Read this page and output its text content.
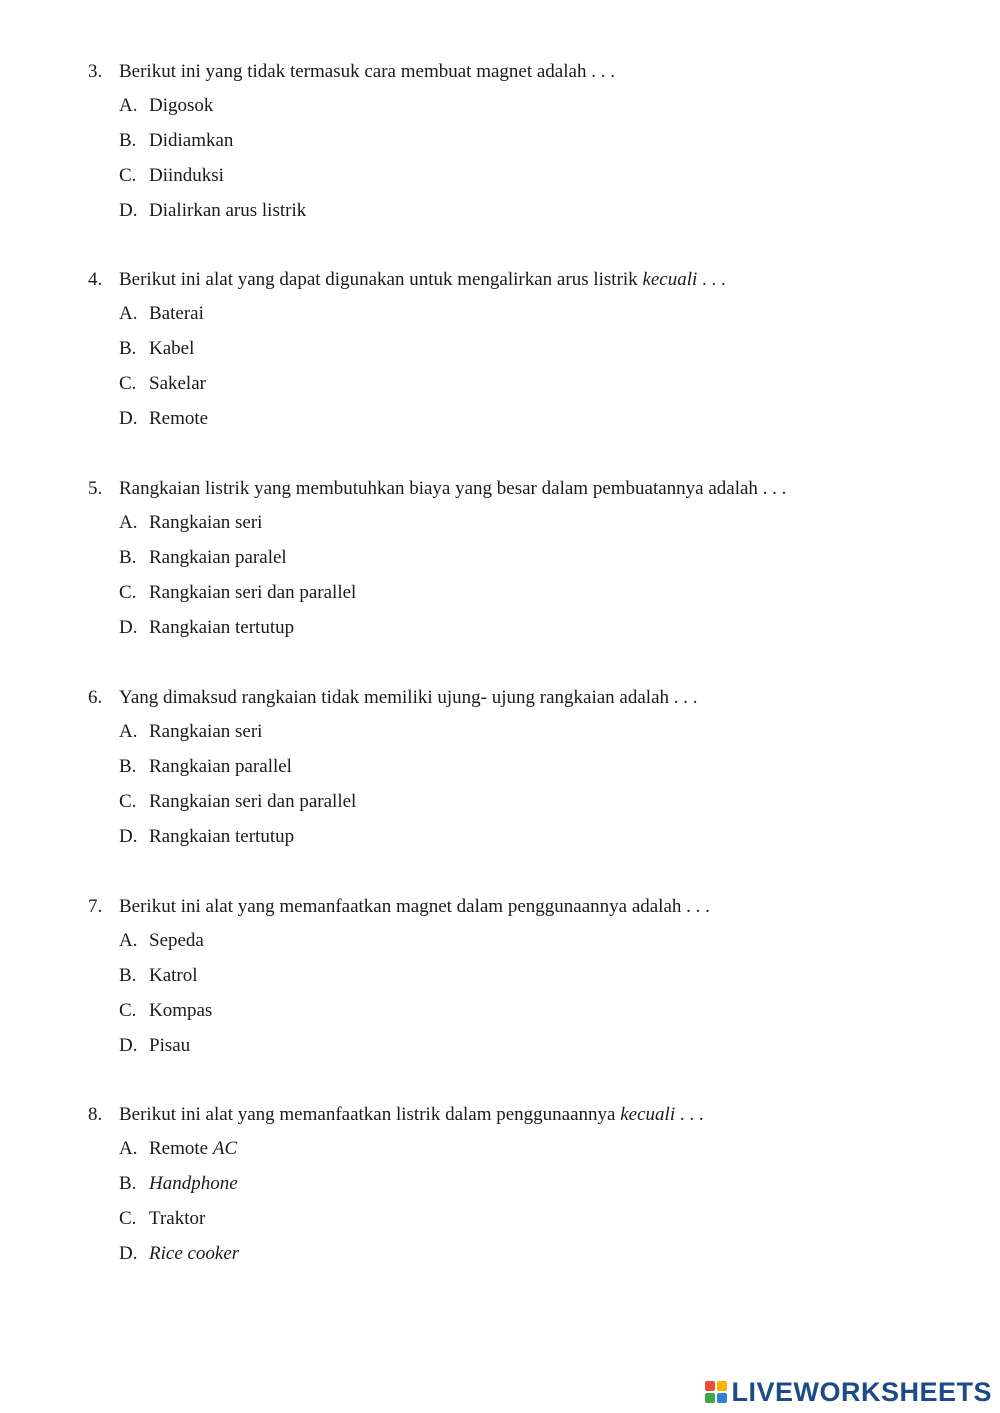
3. Berikut ini yang tidak termasuk cara membuat magnet adalah . . .
A. Digosok
B. Didiamkan
C. Diinduksi
D. Dialirkan arus listrik
4. Berikut ini alat yang dapat digunakan untuk mengalirkan arus listrik kecuali . . .
A. Baterai
B. Kabel
C. Sakelar
D. Remote
5. Rangkaian listrik yang membutuhkan biaya yang besar dalam pembuatannya adalah . . .
A. Rangkaian seri
B. Rangkaian paralel
C. Rangkaian seri dan parallel
D. Rangkaian tertutup
6. Yang dimaksud rangkaian tidak memiliki ujung- ujung rangkaian adalah . . .
A. Rangkaian seri
B. Rangkaian parallel
C. Rangkaian seri dan parallel
D. Rangkaian tertutup
7. Berikut ini alat yang memanfaatkan magnet dalam penggunaannya adalah . . .
A. Sepeda
B. Katrol
C. Kompas
D. Pisau
8. Berikut ini alat yang memanfaatkan listrik dalam penggunaannya kecuali . . .
A. Remote AC
B. Handphone
C. Traktor
D. Rice cooker
LIVEWORKSHEETS
